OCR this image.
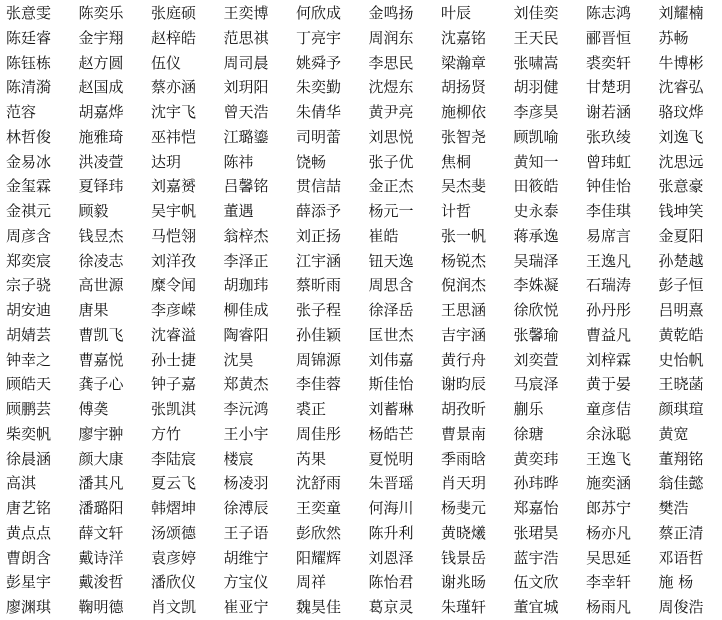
张意雯	陈奕乐	张庭硕	王奕博	何欣成	金鸣扬	叶辰	刘佳奕	陈志鸿	刘耀楠
陈廷睿	金宇翔	赵梓皓	范思祺	丁亮宇	周润东	沈嘉铭	王天民	郦晋恒	苏畅
陈钰栋	赵方圆	伍仪	周司晨	姚舜予	李思民	梁瀚章	张啸嵩	裘奕轩	牛博彬
陈清漪	赵国成	蔡亦涵	刘玥阳	朱奕勤	沈煜东	胡扬贤	胡羽健	甘楚玥	沈睿弘
范容	胡嘉烨	沈宇飞	曾天浩	朱倩华	黄尹亮	施柳依	李彦昊	谢若涵	骆玟烨
林哲俊	施雅琦	巫祎恺	江璐鎏	司明蕾	刘思悦	张智尧	顾凯喻	张玖绫	刘逸飞
金易冰	洪凌萱	达玥	陈祎	饶畅	张子优	焦桐	黄知一	曾玮虹	沈思远
金玺霖	夏铎玮	刘嘉赟	吕馨铭	贯信喆	金正杰	吴杰斐	田筱皓	钟佳怡	张意豪
金祺元	顾毅	吴宇帆	董遇	薛添予	杨元一	计哲	史永泰	李佳琪	钱坤笑
周彦含	钱昱杰	马恺翎	翁梓杰	刘正扬	崔皓	张一帆	蒋承逸	易席言	金夏阳
郑奕宸	徐凌志	刘洋孜	李泽正	江宇涵	钮天逸	杨锐杰	吴瑞泽	王逸凡	孙楚越
宗子骁	高世源	糜令闻	胡珈玮	蔡昕雨	周思含	倪润杰	李姝凝	石瑞涛	彭子恒
胡安迪	唐果	李彦嵘	柳佳成	张子程	徐泽岳	王思涵	徐欣悦	孙丹彤	吕明熹
胡婧芸	曹凯飞	沈睿溢	陶睿阳	孙佳颖	匡世杰	吉宇涵	张馨瑜	曹益凡	黄乾皓
钟幸之	曹嘉悦	孙士捷	沈昊	周锦源	刘伟嘉	黄行舟	刘奕萱	刘梓霖	史怡帆
顾皓天	龚子心	钟子嘉	郑黄杰	李佳蓉	斯佳怡	谢昀辰	马宸泽	黄于晏	王晓菡
顾鹏芸	傅䶮	张凯淇	李沅鸿	裘正	刘蓄琳	胡孜昕	蒯乐	童彦佶	颜琪瑄
柴奕帆	廖宇翀	方竹	王小宇	周佳彤	杨皓芒	曹景南	徐瑭	余泳聪	黄宽
徐晨涵	颜大康	李陆宸	楼宸	芮果	夏悦明	季雨晗	黄奕玮	王逸飞	董翔铭
高淇	潘其凡	夏云飞	杨凌羽	沈舒雨	朱晋瑶	肖天玥	孙玮晔	施奕涵	翁佳懿
唐艺铭	潘璐阳	韩熠坤	徐溥辰	王奕童	何海川	杨斐元	郑嘉怡	郎苏宁	樊浩
黄点点	薛文轩	汤颂德	王子语	彭欣然	陈升利	黄晓爔	张珺昊	杨亦凡	蔡正清
曹朗含	戴诗洋	袁彦婷	胡维宁	阳耀辉	刘恩泽	钱景岳	蓝宇浩	吴思延	邓语哲
彭星宇	戴浚哲	潘欣仪	方宝仪	周祥	陈怡君	谢兆旸	伍文欣	李幸轩	施 杨
廖渊琪	鞠明德	肖文凯	崔亚宁	魏昊佳	葛京灵	朱瑾轩	董宜城	杨雨凡	周俊浩
